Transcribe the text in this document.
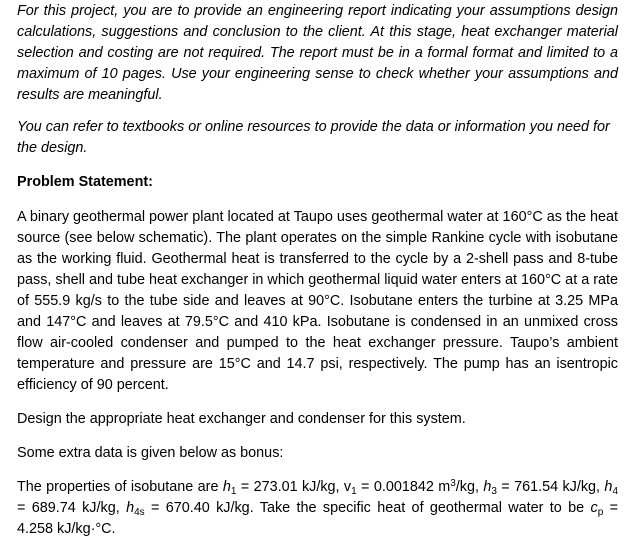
For this project, you are to provide an engineering report indicating your assumptions design calculations, suggestions and conclusion to the client. At this stage, heat exchanger material selection and costing are not required. The report must be in a formal format and limited to a maximum of 10 pages. Use your engineering sense to check whether your assumptions and results are meaningful.

You can refer to textbooks or online resources to provide the data or information you need for the design.

Problem Statement:

A binary geothermal power plant located at Taupo uses geothermal water at 160°C as the heat source (see below schematic). The plant operates on the simple Rankine cycle with isobutane as the working fluid. Geothermal heat is transferred to the cycle by a 2-shell pass and 8-tube pass, shell and tube heat exchanger in which geothermal liquid water enters at 160°C at a rate of 555.9 kg/s to the tube side and leaves at 90°C. Isobutane enters the turbine at 3.25 MPa and 147°C and leaves at 79.5°C and 410 kPa. Isobutane is condensed in an unmixed cross flow air-cooled condenser and pumped to the heat exchanger pressure. Taupo’s ambient temperature and pressure are 15°C and 14.7 psi, respectively. The pump has an isentropic efficiency of 90 percent.

Design the appropriate heat exchanger and condenser for this system.

Some extra data is given below as bonus:

The properties of isobutane are $h_1 = 273.01$ kJ/kg, $v_1 = 0.001842$ $m^3/kg$, $h_3 = 761.54$ kJ/kg, $h_4 = 689.74$ kJ/kg, $h_{4s} = 670.40$ kJ/kg. Take the specific heat of geothermal water to be $c_p = 4.258$ kJ/kg·°C.
